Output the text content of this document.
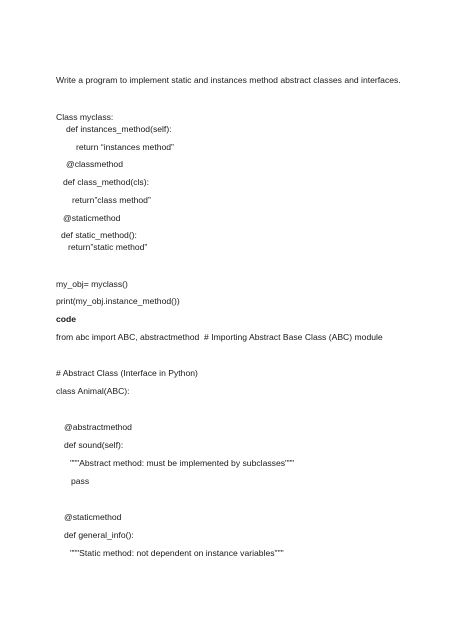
Write a program to implement static and instances method abstract classes and interfaces.
Class myclass:
def instances_method(self):
return “instances method”
@classmethod
def class_method(cls):
return”class method”
@staticmethod
def static_method():
return”static method”
my_obj= myclass()
print(my_obj.instance_method())
code
from abc import ABC, abstractmethod  # Importing Abstract Base Class (ABC) module
# Abstract Class (Interface in Python)
class Animal(ABC):
@abstractmethod
def sound(self):
"""Abstract method: must be implemented by subclasses"""
pass
@staticmethod
def general_info():
"""Static method: not dependent on instance variables"""
